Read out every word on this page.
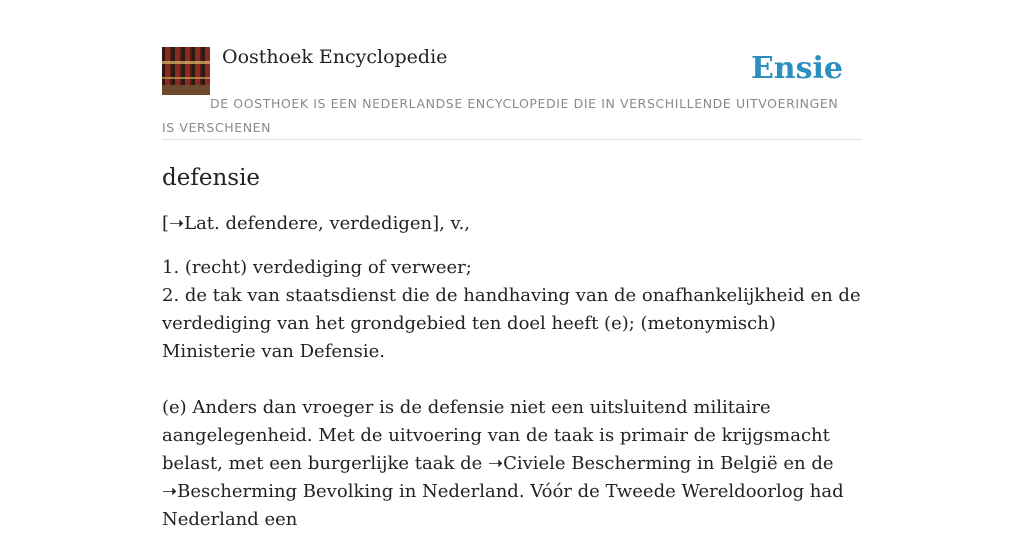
Oosthoek Encyclopedie	Ensie
DE OOSTHOEK IS EEN NEDERLANDSE ENCYCLOPEDIE DIE IN VERSCHILLENDE UITVOERINGEN IS VERSCHENEN
defensie

[➝Lat. defendere, verdedigen], v.,

1. (recht) verdediging of verweer;
2. de tak van staatsdienst die de handhaving van de onafhankelijkheid en de verdediging van het grondgebied ten doel heeft (e); (metonymisch) Ministerie van Defensie.

(e) Anders dan vroeger is de defensie niet een uitsluitend militaire aangelegenheid. Met de uitvoering van de taak is primair de krijgsmacht belast, met een burgerlijke taak de ➝Civiele Bescherming in België en de ➝Bescherming Bevolking in Nederland. Vóór de Tweede Wereldoorlog had Nederland een
